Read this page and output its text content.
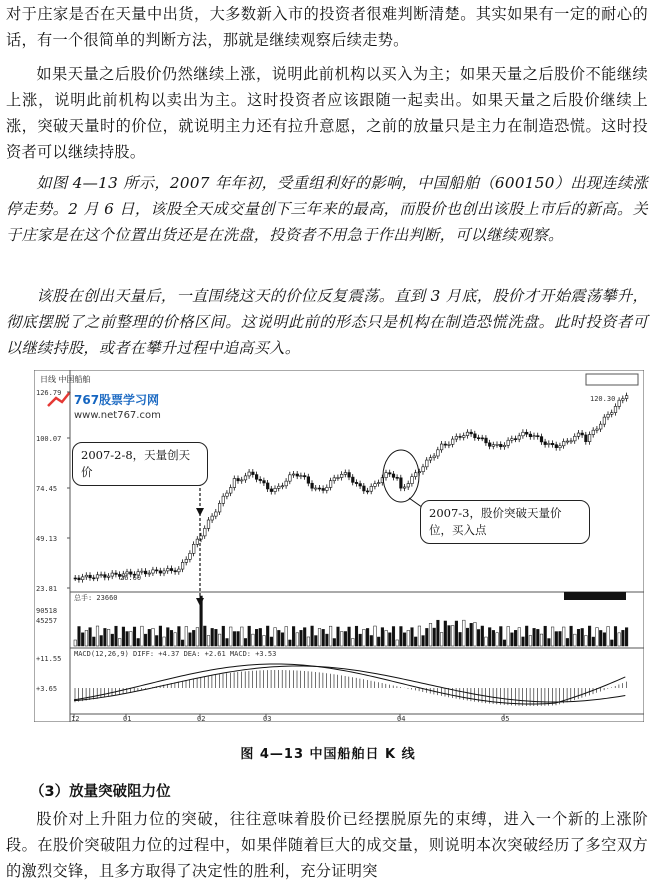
对于庄家是否在天量中出货，大多数新入市的投资者很难判断清楚。其实如果有一定的耐心的话，有一个很简单的判断方法，那就是继续观察后续走势。

如果天量之后股价仍然继续上涨，说明此前机构以买入为主；如果天量之后股价不能继续上涨，说明此前机构以卖出为主。这时投资者应该跟随一起卖出。如果天量之后股价继续上涨，突破天量时的价位，就说明主力还有拉升意愿，之前的放量只是主力在制造恐慌。这时投资者可以继续持股。

如图 4—13 所示，2007 年年初，受重组利好的影响，中国船舶（600150）出现连续涨停走势。2 月 6 日，该股全天成交量创下三年来的最高，而股价也创出该股上市后的新高。关于庄家是在这个位置出货还是在洗盘，投资者不用急于作出判断，可以继续观察。

该股在创出天量后，一直围绕这天的价位反复震荡。直到 3 月底，股价才开始震荡攀升，彻底摆脱了之前整理的价格区间。这说明此前的形态只是机构在制造恐慌洗盘。此时投资者可以继续持股，或者在攀升过程中追高买入。

日线 中国船舶
767股票学习网
www.net767.com
126.79
100.07
74.45
49.13
23.81
90518
45257
+11.55
+3.65
12	01	02	03	04	05
120.30
26.60
总手: 23660
MACD(12,26,9) DIFF: +4.37 DEA: +2.61 MACD: +3.53
2007-2-8，天量创天价
2007-3，股价突破天量价位，买入点
图 4—13 中国船舶日 K 线
（3）放量突破阻力位

股价对上升阻力位的突破，往往意味着股价已经摆脱原先的束缚，进入一个新的上涨阶段。在股价突破阻力位的过程中，如果伴随着巨大的成交量，则说明本次突破经历了多空双方的激烈交锋，且多方取得了决定性的胜利，充分证明突
